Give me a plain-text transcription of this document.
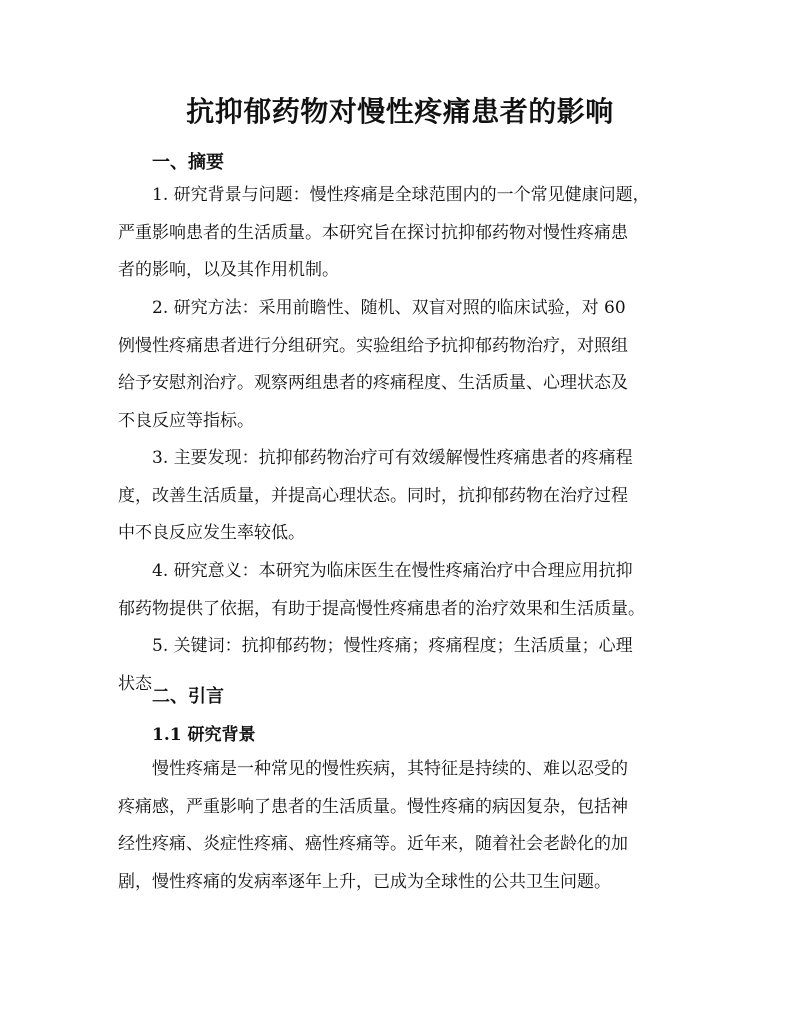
抗抑郁药物对慢性疼痛患者的影响
一、摘要

1. 研究背景与问题：慢性疼痛是全球范围内的一个常见健康问题，
严重影响患者的生活质量。本研究旨在探讨抗抑郁药物对慢性疼痛患
者的影响，以及其作用机制。

2. 研究方法：采用前瞻性、随机、双盲对照的临床试验，对 60
例慢性疼痛患者进行分组研究。实验组给予抗抑郁药物治疗，对照组
给予安慰剂治疗。观察两组患者的疼痛程度、生活质量、心理状态及
不良反应等指标。

3. 主要发现：抗抑郁药物治疗可有效缓解慢性疼痛患者的疼痛程
度，改善生活质量，并提高心理状态。同时，抗抑郁药物在治疗过程
中不良反应发生率较低。

4. 研究意义：本研究为临床医生在慢性疼痛治疗中合理应用抗抑
郁药物提供了依据，有助于提高慢性疼痛患者的治疗效果和生活质量。

5. 关键词：抗抑郁药物；慢性疼痛；疼痛程度；生活质量；心理
状态

二、引言
1.1 研究背景

慢性疼痛是一种常见的慢性疾病，其特征是持续的、难以忍受的
疼痛感，严重影响了患者的生活质量。慢性疼痛的病因复杂，包括神
经性疼痛、炎症性疼痛、癌性疼痛等。近年来，随着社会老龄化的加
剧，慢性疼痛的发病率逐年上升，已成为全球性的公共卫生问题。
